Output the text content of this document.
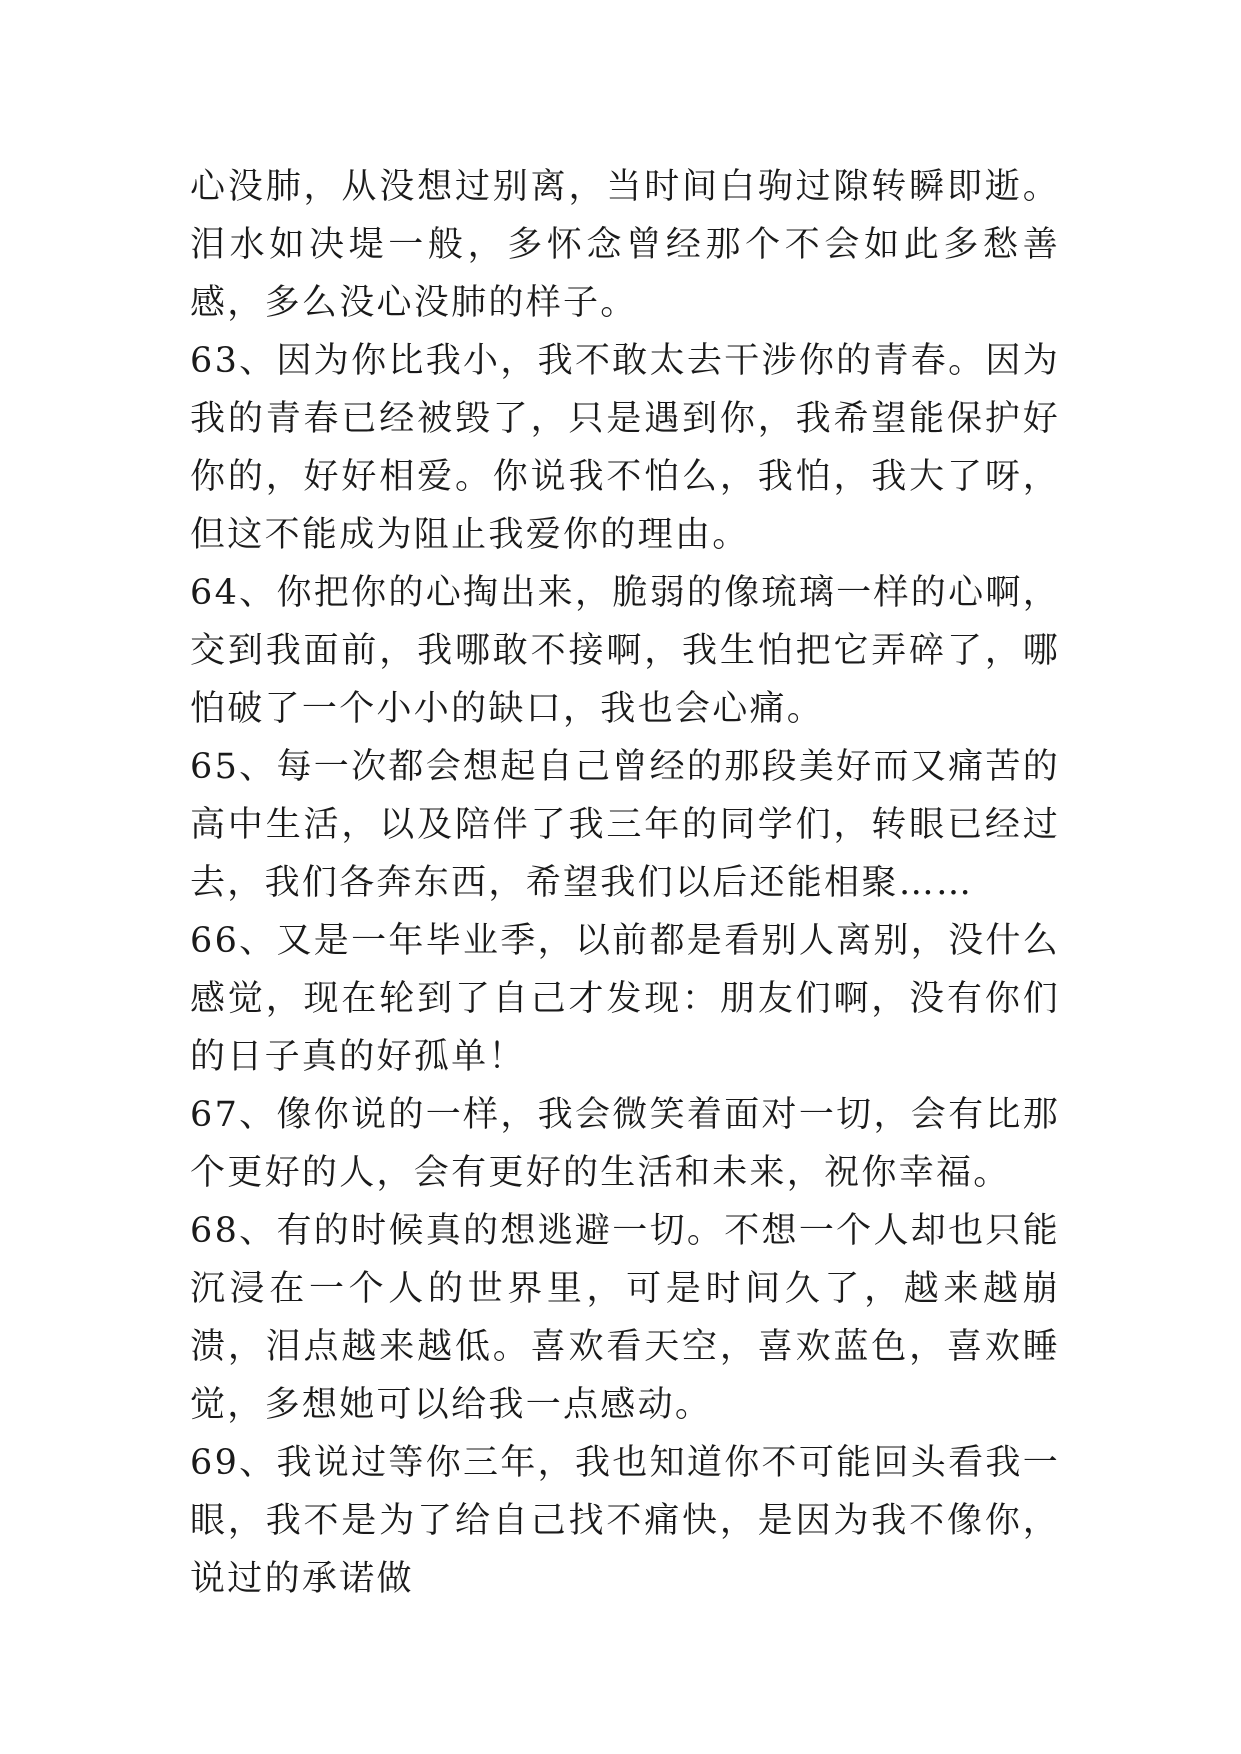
心没肺，从没想过别离，当时间白驹过隙转瞬即逝。泪水如决堤一般，多怀念曾经那个不会如此多愁善感，多么没心没肺的样子。

63、因为你比我小，我不敢太去干涉你的青春。因为我的青春已经被毁了，只是遇到你，我希望能保护好你的，好好相爱。你说我不怕么，我怕，我大了呀，但这不能成为阻止我爱你的理由。

64、你把你的心掏出来，脆弱的像琉璃一样的心啊，交到我面前，我哪敢不接啊，我生怕把它弄碎了，哪怕破了一个小小的缺口，我也会心痛。

65、每一次都会想起自己曾经的那段美好而又痛苦的高中生活，以及陪伴了我三年的同学们，转眼已经过去，我们各奔东西，希望我们以后还能相聚……

66、又是一年毕业季，以前都是看别人离别，没什么感觉，现在轮到了自己才发现：朋友们啊，没有你们的日子真的好孤单！

67、像你说的一样，我会微笑着面对一切，会有比那个更好的人，会有更好的生活和未来，祝你幸福。

68、有的时候真的想逃避一切。不想一个人却也只能沉浸在一个人的世界里，可是时间久了，越来越崩溃，泪点越来越低。喜欢看天空，喜欢蓝色，喜欢睡觉，多想她可以给我一点感动。

69、我说过等你三年，我也知道你不可能回头看我一眼，我不是为了给自己找不痛快，是因为我不像你，说过的承诺做
